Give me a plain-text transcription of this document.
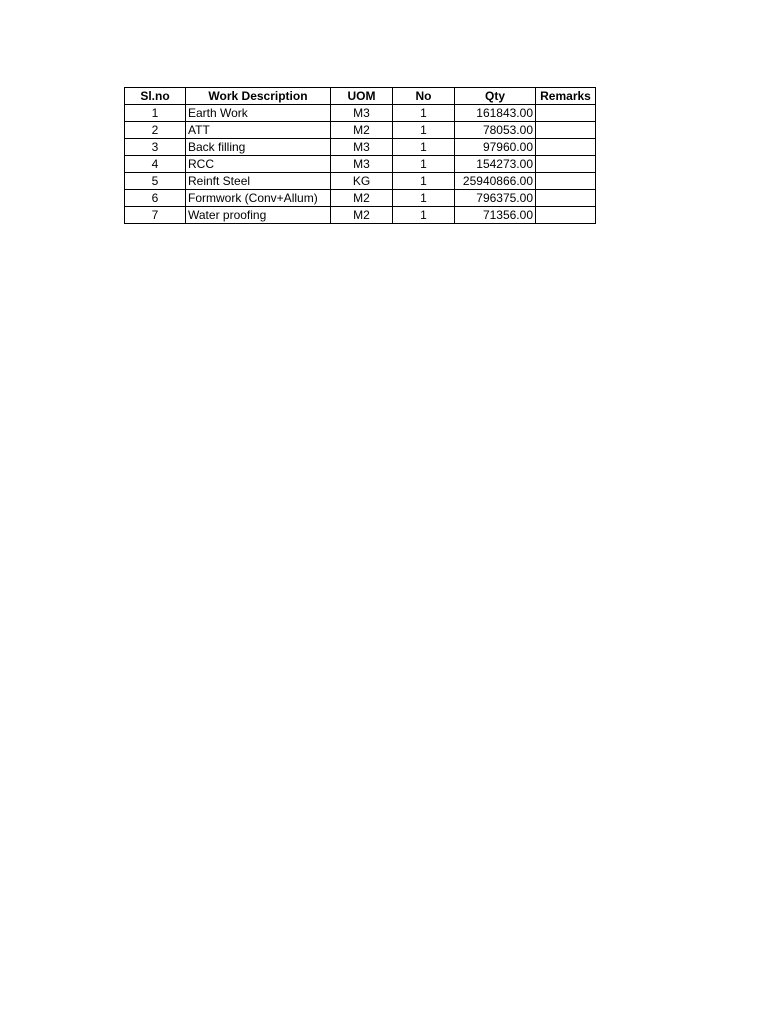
Sl.no	Work Description	UOM	No	Qty	Remarks
1	Earth Work	M3	1	161843.00	
2	ATT	M2	1	78053.00	
3	Back filling	M3	1	97960.00	
4	RCC	M3	1	154273.00	
5	Reinft Steel	KG	1	25940866.00	
6	Formwork (Conv+Allum)	M2	1	796375.00	
7	Water proofing	M2	1	71356.00	
